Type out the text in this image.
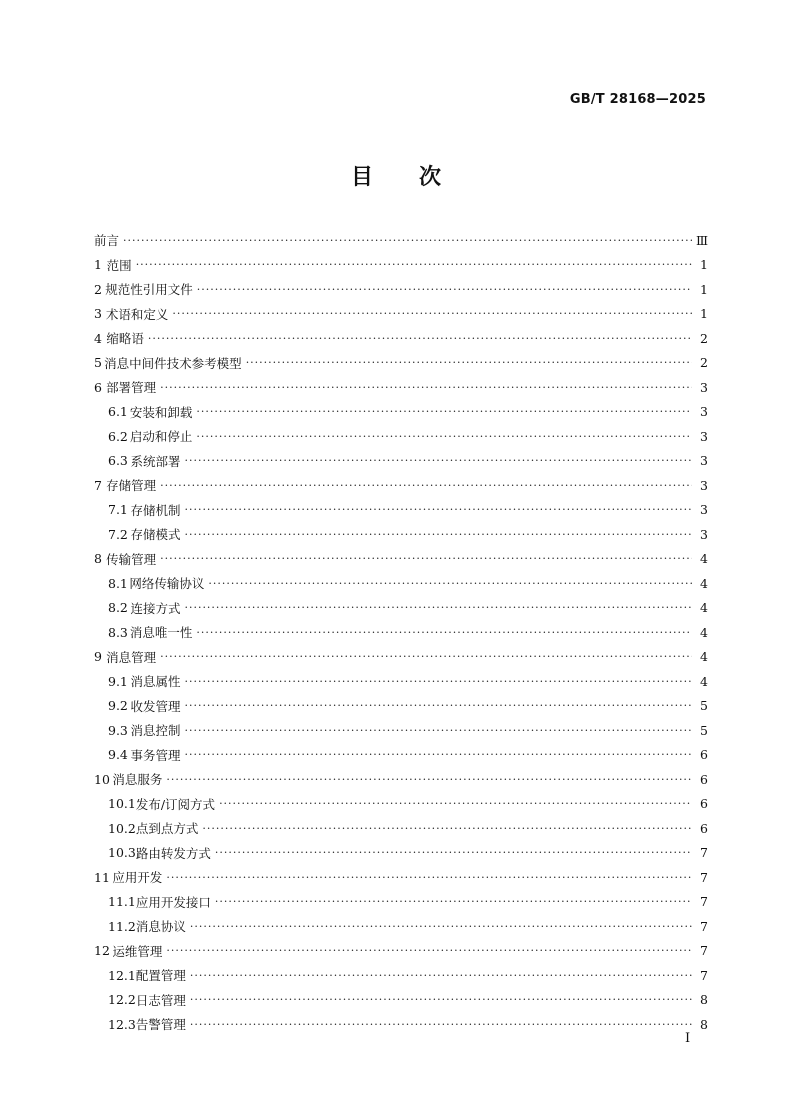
GB/T 28168—2025
目 次
前言 ·····	Ⅲ
1 范围 ·····	1
2 规范性引用文件 ·····	1
3 术语和定义 ·····	1
4 缩略语 ·····	2
5 消息中间件技术参考模型 ·····	2
6 部署管理 ·····	3
6.1 安装和卸载 ·····	3
6.2 启动和停止 ·····	3
6.3 系统部署 ·····	3
7 存储管理 ·····	3
7.1 存储机制 ·····	3
7.2 存储模式 ·····	3
8 传输管理 ·····	4
8.1 网络传输协议 ·····	4
8.2 连接方式 ·····	4
8.3 消息唯一性 ·····	4
9 消息管理 ·····	4
9.1 消息属性 ·····	4
9.2 收发管理 ·····	5
9.3 消息控制 ·····	5
9.4 事务管理 ·····	6
10 消息服务 ·····	6
10.1 发布/订阅方式 ·····	6
10.2 点到点方式 ·····	6
10.3 路由转发方式 ·····	7
11 应用开发 ·····	7
11.1 应用开发接口 ·····	7
11.2 消息协议 ·····	7
12 运维管理 ·····	7
12.1 配置管理 ·····	7
12.2 日志管理 ·····	8
12.3 告警管理 ·····	8
I
